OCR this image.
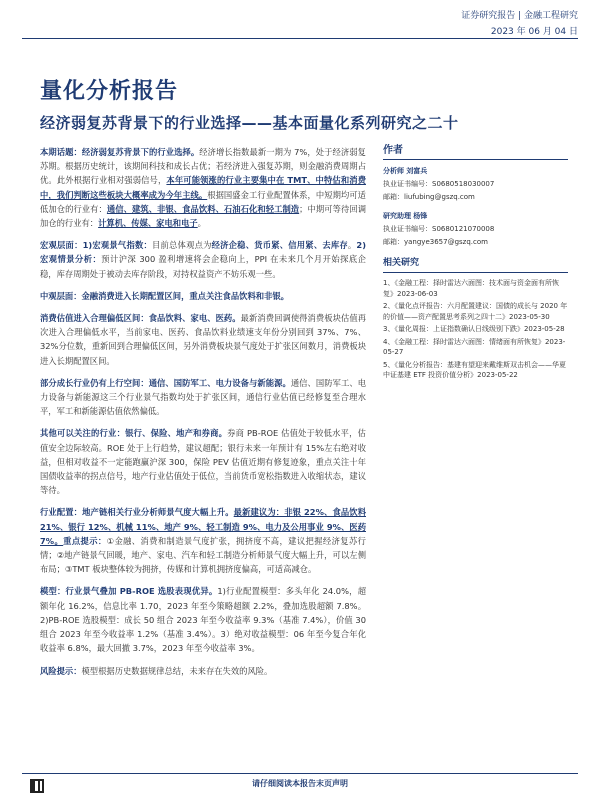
证券研究报告 | 金融工程研究
2023 年 06 月 04 日
量化分析报告
经济弱复苏背景下的行业选择——基本面量化系列研究之二十

本期话题：经济弱复苏背景下的行业选择。经济增长指数最新一期为 7%，处于经济弱复苏期。根据历史统计，该期间科技和成长占优；若经济进入强复苏期，则金融消费周期占优。此外根据行业相对强弱信号，本年可能领涨的行业主要集中在 TMT、中特估和消费中，我们判断这些板块大概率成为今年主线。根据国盛金工行业配置体系，中短期均可适低加仓的行业有：通信、建筑、非银、食品饮料、石油石化和轻工制造；中期可等待回调加仓的行业有：计算机、传媒、家电和电子。

宏观层面：1)宏观景气指数：目前总体观点为经济企稳、货币紧、信用紧、去库存。2)宏观情景分析：预计沪深 300 盈利增速将会企稳向上，PPI 在未来几个月开始探底企稳，库存周期处于被动去库存阶段，对持权益资产不妨乐观一些。

中观层面：金融消费进入长期配置区间，重点关注食品饮料和非银。

消费估值进入合理偏低区间：食品饮料、家电、医药。最新消费回调使得消费板块估值再次进入合理偏低水平，当前家电、医药、食品饮料业绩速支年份分别回到 37%、7%、32%分位数，重新回到合理偏低区间，另外消费板块景气度处于扩张区间数月，消费板块进入长期配置区间。

部分成长行业仍有上行空间：通信、国防军工、电力设备与新能源。通信、国防军工、电力设备与新能源这三个行业景气指数均处于扩张区间，通信行业估值已经修复至合理水平，军工和新能源估值依然偏低。

其他可以关注的行业：银行、保险、地产和券商。券商 PB-ROE 估值处于较低水平，估值安全边际较高。ROE 处于上行趋势，建议超配；银行未来一年预计有 15%左右绝对收益，但相对收益不一定能跑赢沪深 300，保险 PEV 估值近期有修复迹象，重点关注十年国债收益率的拐点信号，地产行业估值处于低位，当前货币宽松指数进入收缩状态，建议等待。

行业配置：地产链相关行业分析师景气度大幅上升。最新建议为：非银 22%、食品饮料 21%、银行 12%、机械 11%、地产 9%、轻工制造 9%、电力及公用事业 9%、医药 7%。重点提示：①金融、消费和制造景气度扩张，拥挤度不高，建议把握经济复苏行情；②地产链景气回暖，地产、家电、汽车和轻工制造分析师景气度大幅上升，可以左侧布局；③TMT 板块整体较为拥挤，传媒和计算机拥挤度偏高，可适高减仓。

模型：行业景气叠加 PB-ROE 选股表现优异。1)行业配置模型：多头年化 24.0%，超额年化 16.2%，信息比率 1.70，2023 年至今策略超额 2.2%，叠加选股超额 7.8%。2)PB-ROE 选股模型：成长 50 组合 2023 年至今收益率 9.3%（基准 7.4%），价值 30 组合 2023 年至今收益率 1.2%（基准 3.4%）。3）绝对收益模型：06 年至今复合年化收益率 6.8%，最大回撤 3.7%，2023 年至今收益率 3%。

风险提示：模型根据历史数据规律总结，未来存在失效的风险。

作者
分析师 刘富兵
执业证书编号：S0680518030007
邮箱：liufubing@gszq.com
研究助理 杨锋
执业证书编号：S0680121070008
邮箱：yangye3657@gszq.com
相关研究
1、《金融工程：择时雷达六面图：技术面与资金面有所恢复》2023-06-03
2、《量化点评报告：六月配置建议：国债的成长与 2020 年的价值——资产配置思考系列之四十二》2023-05-30
3、《量化周报：上证指数确认日线级别下跌》2023-05-28
4、《金融工程：择时雷达六面图：情绪面有所恢复》2023-05-27
5、《量化分析报告：基建有望迎来戴维斯双击机会——华夏中证基建 ETF 投资价值分析》2023-05-22
请仔细阅读本报告末页声明
